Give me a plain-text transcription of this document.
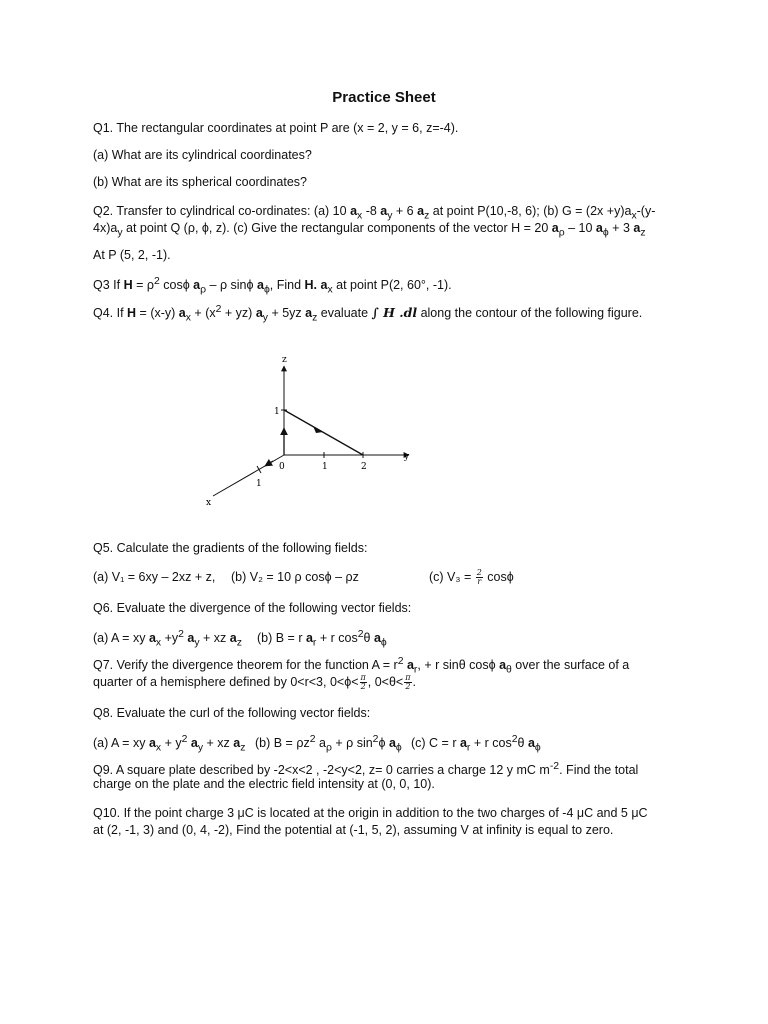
Practice Sheet
Q1. The rectangular coordinates at point P are (x = 2, y = 6, z=-4).
(a) What are its cylindrical coordinates?
(b) What are its spherical coordinates?
Q2. Transfer to cylindrical co-ordinates: (a) 10 $a_x$ -8 $a_y + 6$ $a_z$ at point P(10,-8, 6); (b) $G = (2x +y)a_x-(y-$
$4x)a_y$ at point Q (ρ, ϕ, z). (c) Give the rectangular components of the vector H = 20 $a_\rho - 10$ $a_\phi + 3$ $a_z$
At P (5, 2, -1).
Q3 If $H = \rho^2$ cosϕ $a_\rho$ – ρ sinϕ $a_\phi$, Find H. $a_x$ at point P(2, 60°, -1).
Q4. If H = (x-y) $a_x + (x^2 + yz) a_y + 5yz$ $a_z$ evaluate ∫ H .dl along the contour of the following figure.
z
y
x
1
0	1	2
1
Q5. Calculate the gradients of the following fields:
(a) V₁ = 6xy – 2xz + z, (b) V₂ = 10 ρ cosϕ – ρz	(c) $V_3 = \frac{2}{r}$ cosϕ
Q6. Evaluate the divergence of the following vector fields:
(a) A = xy $a_x +y^2$ $a_y$ + xz $a_z$ (b) B = r $a_r + r$ $\cos^2\theta$ $a_\phi$
Q7. Verify the divergence theorem for the function $A = r^2$ $a_r$, + r sinθ cosϕ $a_\theta$ over the surface of a
quarter of a hemisphere defined by 0<r<3, $0<\phi< \frac{\pi}{2}$ , $0<\theta< \frac{\pi}{2}$ .
Q8. Evaluate the curl of the following vector fields:
(a) A = xy $a_x + y^2$ $a_y$ + xz $a_z$ (b) $B = \rho z^2$ $a_\rho + \rho$ $\sin^2\phi$ $a_\phi$ (c) C = r $a_r + r$ $\cos^2\theta$ $a_\phi$
Q9. A square plate described by -2<x<2 , -2<y<2, z= 0 carries a charge 12 y mC $m^{-2}$. Find the total
charge on the plate and the electric field intensity at (0, 0, 10).
Q10. If the point charge 3 μC is located at the origin in addition to the two charges of -4 μC and 5 μC
at (2, -1, 3) and (0, 4, -2), Find the potential at (-1, 5, 2), assuming V at infinity is equal to zero.
